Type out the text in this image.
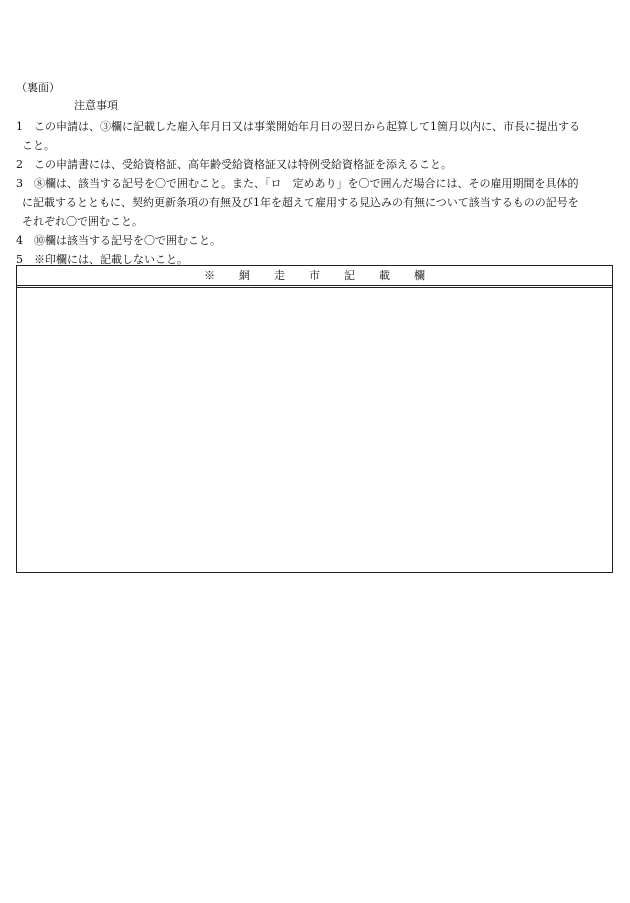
（裏面）
注意事項
1	この申請は、③欄に記載した雇入年月日又は事業開始年月日の翌日から起算して1箇月以内に、市長に提出する
こと。
2	この申請書には、受給資格証、高年齢受給資格証又は特例受給資格証を添えること。
3	⑧欄は、該当する記号を〇で囲むこと。また、「ロ　定めあり」を〇で囲んだ場合には、その雇用期間を具体的
に記載するとともに、契約更新条項の有無及び1年を超えて雇用する見込みの有無について該当するものの記号を
それぞれ〇で囲むこと。
4	⑩欄は該当する記号を〇で囲むこと。
5	※印欄には、記載しないこと。
※網走市記載欄
